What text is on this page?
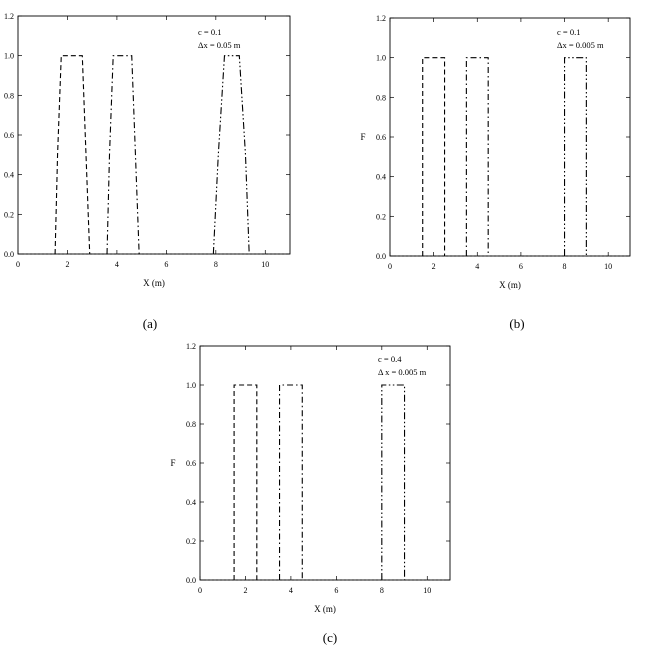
0	2	4	6	8	10
0.0
0.2
0.4
0.6
0.8
1.0
1.2
X (m)
c = 0.1
Δx = 0.05 m
(a)
0	2	4	6	8	10
0.0
0.2
0.4
0.6
0.8
1.0
1.2
X (m)
F
c = 0.1
Δx = 0.005 m
(b)
0	2	4	6	8	10
0.0
0.2
0.4
0.6
0.8
1.0
1.2
X (m)
F
c = 0.4
Δ x = 0.005 m
(c)
